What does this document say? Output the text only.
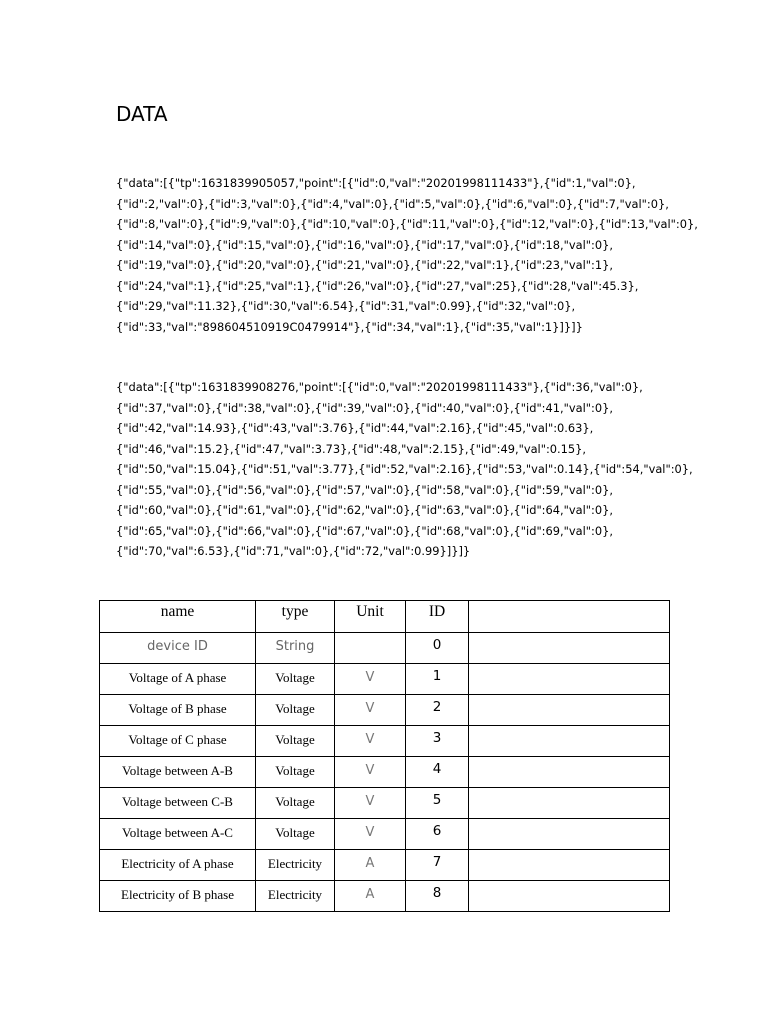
DATA
{"data":[{"tp":1631839905057,"point":[{"id":0,"val":"20201998111433"},{"id":1,"val":0},
{"id":2,"val":0},{"id":3,"val":0},{"id":4,"val":0},{"id":5,"val":0},{"id":6,"val":0},{"id":7,"val":0},
{"id":8,"val":0},{"id":9,"val":0},{"id":10,"val":0},{"id":11,"val":0},{"id":12,"val":0},{"id":13,"val":0},
{"id":14,"val":0},{"id":15,"val":0},{"id":16,"val":0},{"id":17,"val":0},{"id":18,"val":0},
{"id":19,"val":0},{"id":20,"val":0},{"id":21,"val":0},{"id":22,"val":1},{"id":23,"val":1},
{"id":24,"val":1},{"id":25,"val":1},{"id":26,"val":0},{"id":27,"val":25},{"id":28,"val":45.3},
{"id":29,"val":11.32},{"id":30,"val":6.54},{"id":31,"val":0.99},{"id":32,"val":0},
{"id":33,"val":"898604510919C0479914"},{"id":34,"val":1},{"id":35,"val":1}]}]}
{"data":[{"tp":1631839908276,"point":[{"id":0,"val":"20201998111433"},{"id":36,"val":0},
{"id":37,"val":0},{"id":38,"val":0},{"id":39,"val":0},{"id":40,"val":0},{"id":41,"val":0},
{"id":42,"val":14.93},{"id":43,"val":3.76},{"id":44,"val":2.16},{"id":45,"val":0.63},
{"id":46,"val":15.2},{"id":47,"val":3.73},{"id":48,"val":2.15},{"id":49,"val":0.15},
{"id":50,"val":15.04},{"id":51,"val":3.77},{"id":52,"val":2.16},{"id":53,"val":0.14},{"id":54,"val":0},
{"id":55,"val":0},{"id":56,"val":0},{"id":57,"val":0},{"id":58,"val":0},{"id":59,"val":0},
{"id":60,"val":0},{"id":61,"val":0},{"id":62,"val":0},{"id":63,"val":0},{"id":64,"val":0},
{"id":65,"val":0},{"id":66,"val":0},{"id":67,"val":0},{"id":68,"val":0},{"id":69,"val":0},
{"id":70,"val":6.53},{"id":71,"val":0},{"id":72,"val":0.99}]}]}
name	type	Unit	ID	
device ID	String		0	
Voltage of A phase	Voltage	V	1	
Voltage of B phase	Voltage	V	2	
Voltage of C phase	Voltage	V	3	
Voltage between A-B	Voltage	V	4	
Voltage between C-B	Voltage	V	5	
Voltage between A-C	Voltage	V	6	
Electricity of A phase	Electricity	A	7	
Electricity of B phase	Electricity	A	8	
